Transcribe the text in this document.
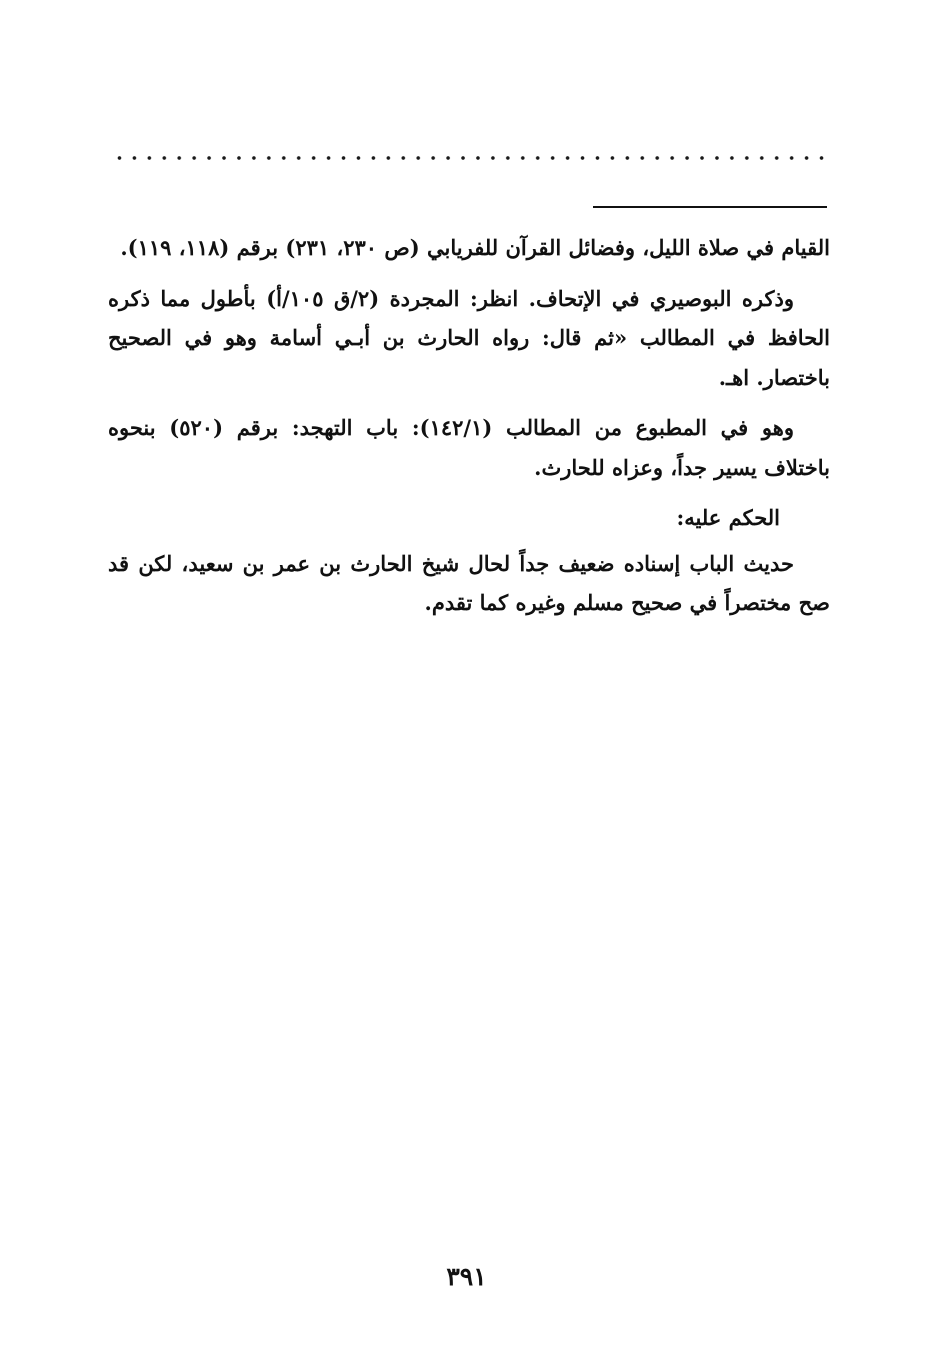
القيام في صلاة الليل، وفضائل القرآن للفريابي (ص ٢٣٠، ٢٣١) برقم (١١٨، ١١٩).

وذكره البوصيري في الإتحاف. انظر: المجردة (٢/ق ١٠٥/أ) بأطول مما ذكره الحافظ في المطالب «ثم قال: رواه الحارث بن أبـي أسامة وهو في الصحيح باختصار. اهـ.

وهو في المطبوع من المطالب (١٤٢/١): باب التهجد: برقم (٥٢٠) بنحوه باختلاف يسير جداً، وعزاه للحارث.

الحكم عليه:

حديث الباب إسناده ضعيف جداً لحال شيخ الحارث بن عمر بن سعيد، لكن قد صح مختصراً في صحيح مسلم وغيره كما تقدم.

٣٩١
